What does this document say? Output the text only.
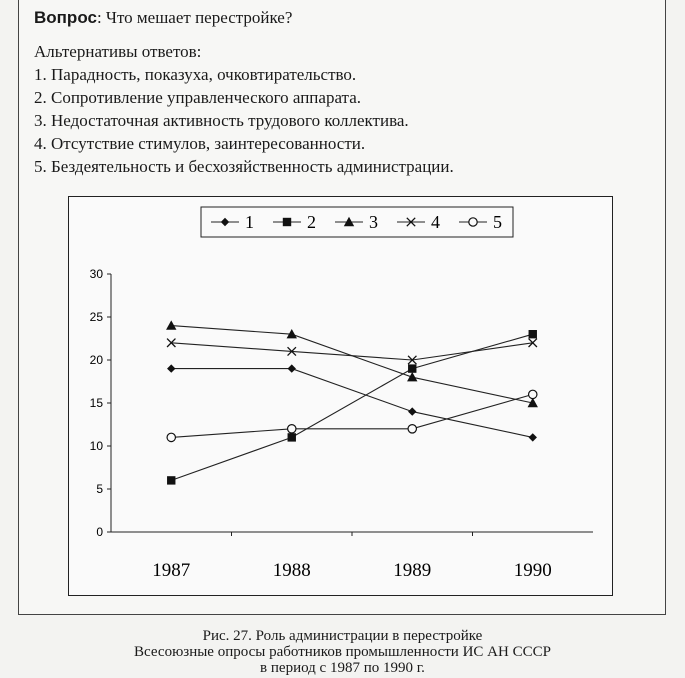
Вопрос: Что мешает перестройке?
Альтернативы ответов:
1. Парадность, показуха, очковтирательство.
2. Сопротивление управленческого аппарата.
3. Недостаточная активность трудового коллектива.
4. Отсутствие стимулов, заинтересованности.
5. Бездеятельность и бесхозяйственность администрации.
1	2	3	4	5
0
5
10
15
20
25
30
1987	1988	1989	1990
Рис. 27. Роль администрации в перестройке
Всесоюзные опросы работников промышленности ИС АН СССР
в период с 1987 по 1990 г.
